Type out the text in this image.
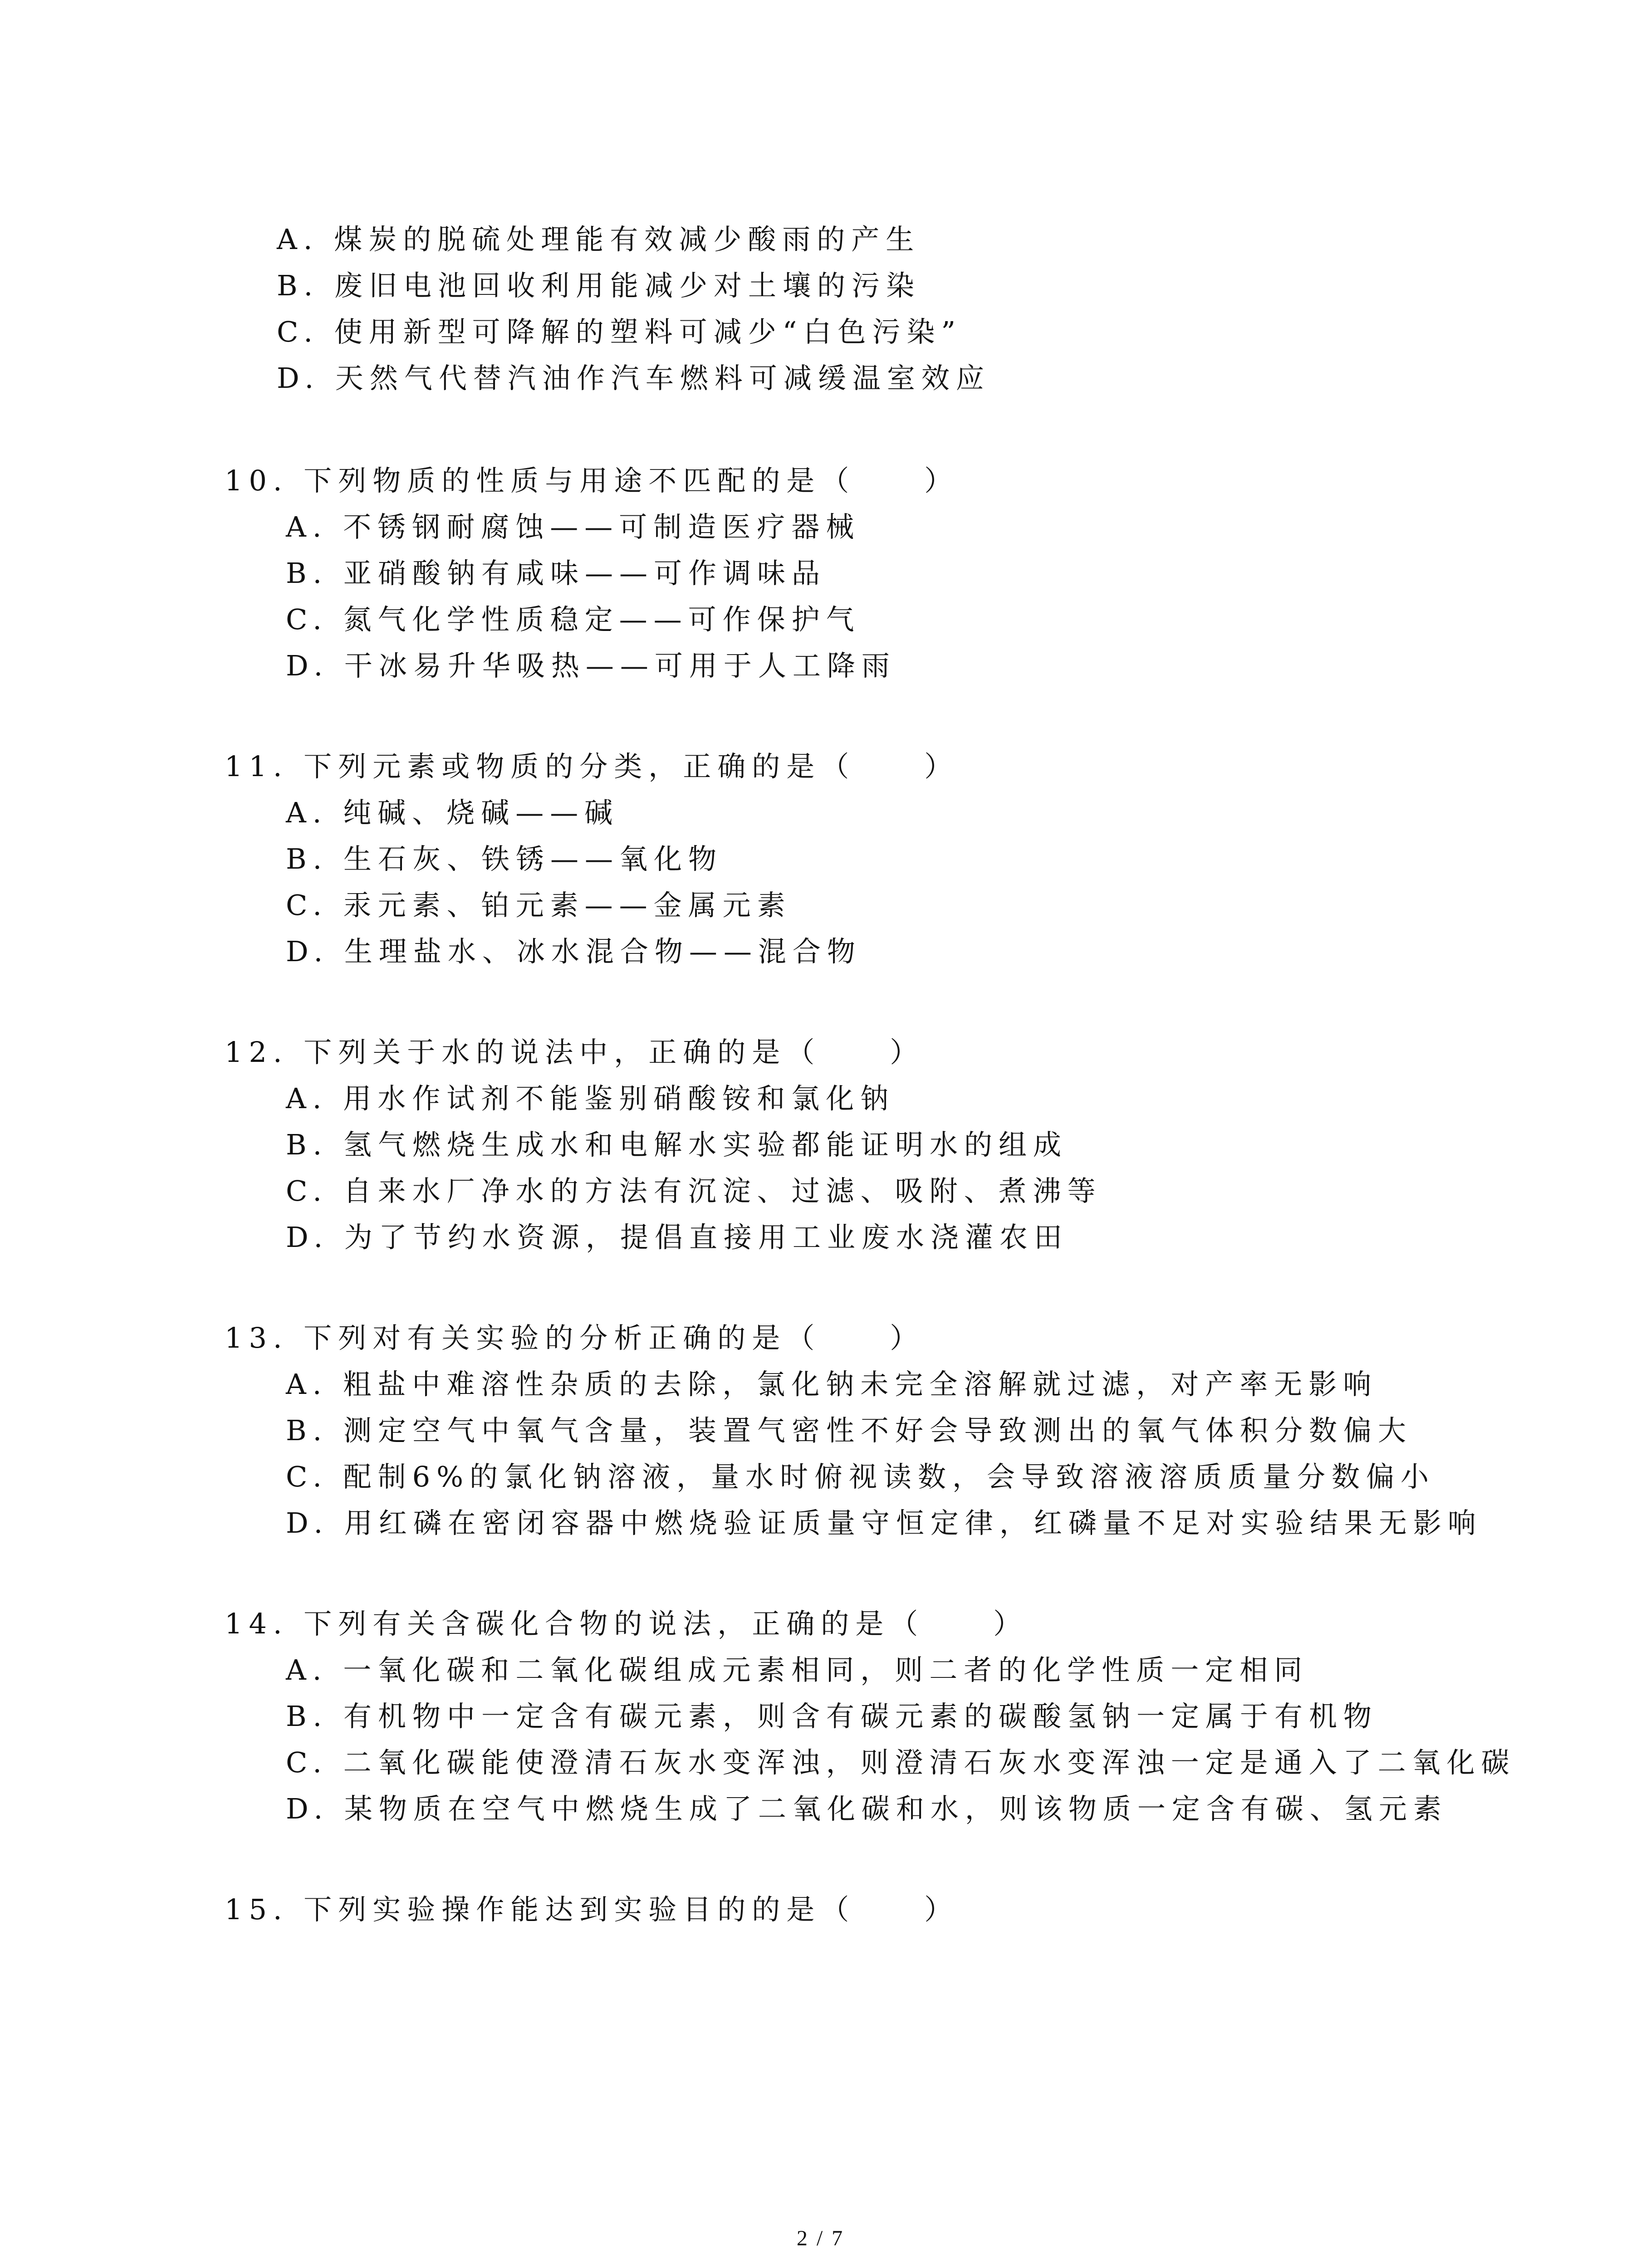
A. 煤炭的脱硫处理能有效减少酸雨的产生
B. 废旧电池回收利用能减少对土壤的污染
C. 使用新型可降解的塑料可减少“白色污染”
D. 天然气代替汽油作汽车燃料可减缓温室效应
10. 下列物质的性质与用途不匹配的是（　　）
A. 不锈钢耐腐蚀——可制造医疗器械
B. 亚硝酸钠有咸味——可作调味品
C. 氮气化学性质稳定——可作保护气
D. 干冰易升华吸热——可用于人工降雨
11. 下列元素或物质的分类，正确的是（　　）
A. 纯碱、烧碱——碱
B. 生石灰、铁锈——氧化物
C. 汞元素、铂元素——金属元素
D. 生理盐水、冰水混合物——混合物
12. 下列关于水的说法中，正确的是（　　）
A. 用水作试剂不能鉴别硝酸铵和氯化钠
B. 氢气燃烧生成水和电解水实验都能证明水的组成
C. 自来水厂净水的方法有沉淀、过滤、吸附、煮沸等
D. 为了节约水资源，提倡直接用工业废水浇灌农田
13. 下列对有关实验的分析正确的是（　　）
A. 粗盐中难溶性杂质的去除，氯化钠未完全溶解就过滤，对产率无影响
B. 测定空气中氧气含量，装置气密性不好会导致测出的氧气体积分数偏大
C. 配制6%的氯化钠溶液，量水时俯视读数，会导致溶液溶质质量分数偏小
D. 用红磷在密闭容器中燃烧验证质量守恒定律，红磷量不足对实验结果无影响
14. 下列有关含碳化合物的说法，正确的是（　　）
A. 一氧化碳和二氧化碳组成元素相同，则二者的化学性质一定相同
B. 有机物中一定含有碳元素，则含有碳元素的碳酸氢钠一定属于有机物
C. 二氧化碳能使澄清石灰水变浑浊，则澄清石灰水变浑浊一定是通入了二氧化碳
D. 某物质在空气中燃烧生成了二氧化碳和水，则该物质一定含有碳、氢元素
15. 下列实验操作能达到实验目的的是（　　）
2 / 7
